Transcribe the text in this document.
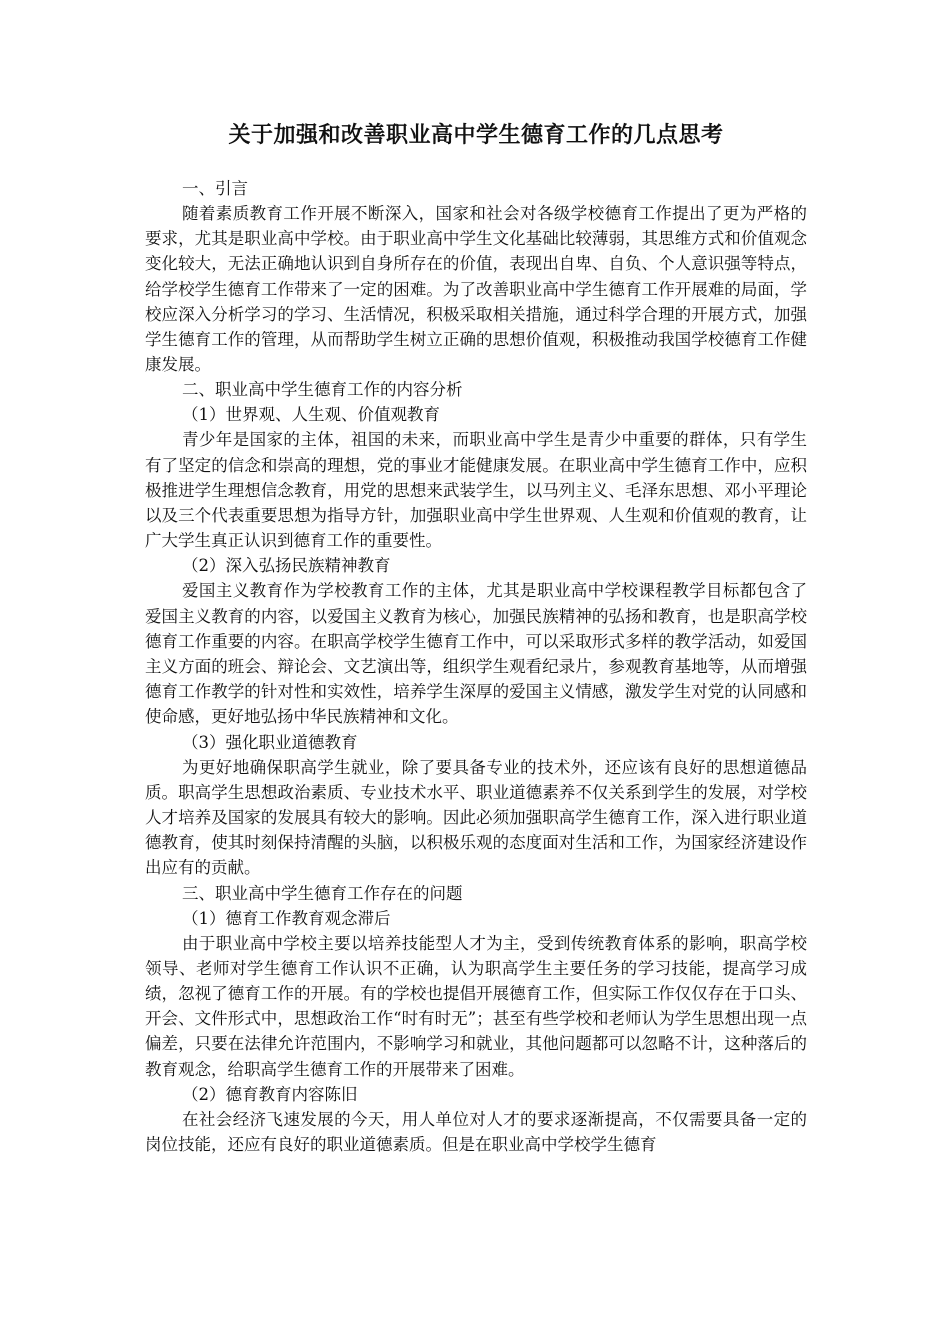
关于加强和改善职业高中学生德育工作的几点思考

一、引言

随着素质教育工作开展不断深入，国家和社会对各级学校德育工作提出了更为严格的要求，尤其是职业高中学校。由于职业高中学生文化基础比较薄弱，其思维方式和价值观念变化较大，无法正确地认识到自身所存在的价值，表现出自卑、自负、个人意识强等特点，给学校学生德育工作带来了一定的困难。为了改善职业高中学生德育工作开展难的局面，学校应深入分析学习的学习、生活情况，积极采取相关措施，通过科学合理的开展方式，加强学生德育工作的管理，从而帮助学生树立正确的思想价值观，积极推动我国学校德育工作健康发展。

二、职业高中学生德育工作的内容分析

（1）世界观、人生观、价值观教育

青少年是国家的主体，祖国的未来，而职业高中学生是青少中重要的群体，只有学生有了坚定的信念和崇高的理想，党的事业才能健康发展。在职业高中学生德育工作中，应积极推进学生理想信念教育，用党的思想来武装学生，以马列主义、毛泽东思想、邓小平理论以及三个代表重要思想为指导方针，加强职业高中学生世界观、人生观和价值观的教育，让广大学生真正认识到德育工作的重要性。

（2）深入弘扬民族精神教育

爱国主义教育作为学校教育工作的主体，尤其是职业高中学校课程教学目标都包含了爱国主义教育的内容，以爱国主义教育为核心，加强民族精神的弘扬和教育，也是职高学校德育工作重要的内容。在职高学校学生德育工作中，可以采取形式多样的教学活动，如爱国主义方面的班会、辩论会、文艺演出等，组织学生观看纪录片，参观教育基地等，从而增强德育工作教学的针对性和实效性，培养学生深厚的爱国主义情感，激发学生对党的认同感和使命感，更好地弘扬中华民族精神和文化。

（3）强化职业道德教育

为更好地确保职高学生就业，除了要具备专业的技术外，还应该有良好的思想道德品质。职高学生思想政治素质、专业技术水平、职业道德素养不仅关系到学生的发展，对学校人才培养及国家的发展具有较大的影响。因此必须加强职高学生德育工作，深入进行职业道德教育，使其时刻保持清醒的头脑，以积极乐观的态度面对生活和工作，为国家经济建设作出应有的贡献。

三、职业高中学生德育工作存在的问题

（1）德育工作教育观念滞后

由于职业高中学校主要以培养技能型人才为主，受到传统教育体系的影响，职高学校领导、老师对学生德育工作认识不正确，认为职高学生主要任务的学习技能，提高学习成绩，忽视了德育工作的开展。有的学校也提倡开展德育工作，但实际工作仅仅存在于口头、开会、文件形式中，思想政治工作“时有时无”；甚至有些学校和老师认为学生思想出现一点偏差，只要在法律允许范围内，不影响学习和就业，其他问题都可以忽略不计，这种落后的教育观念，给职高学生德育工作的开展带来了困难。

（2）德育教育内容陈旧

在社会经济飞速发展的今天，用人单位对人才的要求逐渐提高，不仅需要具备一定的岗位技能，还应有良好的职业道德素质。但是在职业高中学校学生德育
